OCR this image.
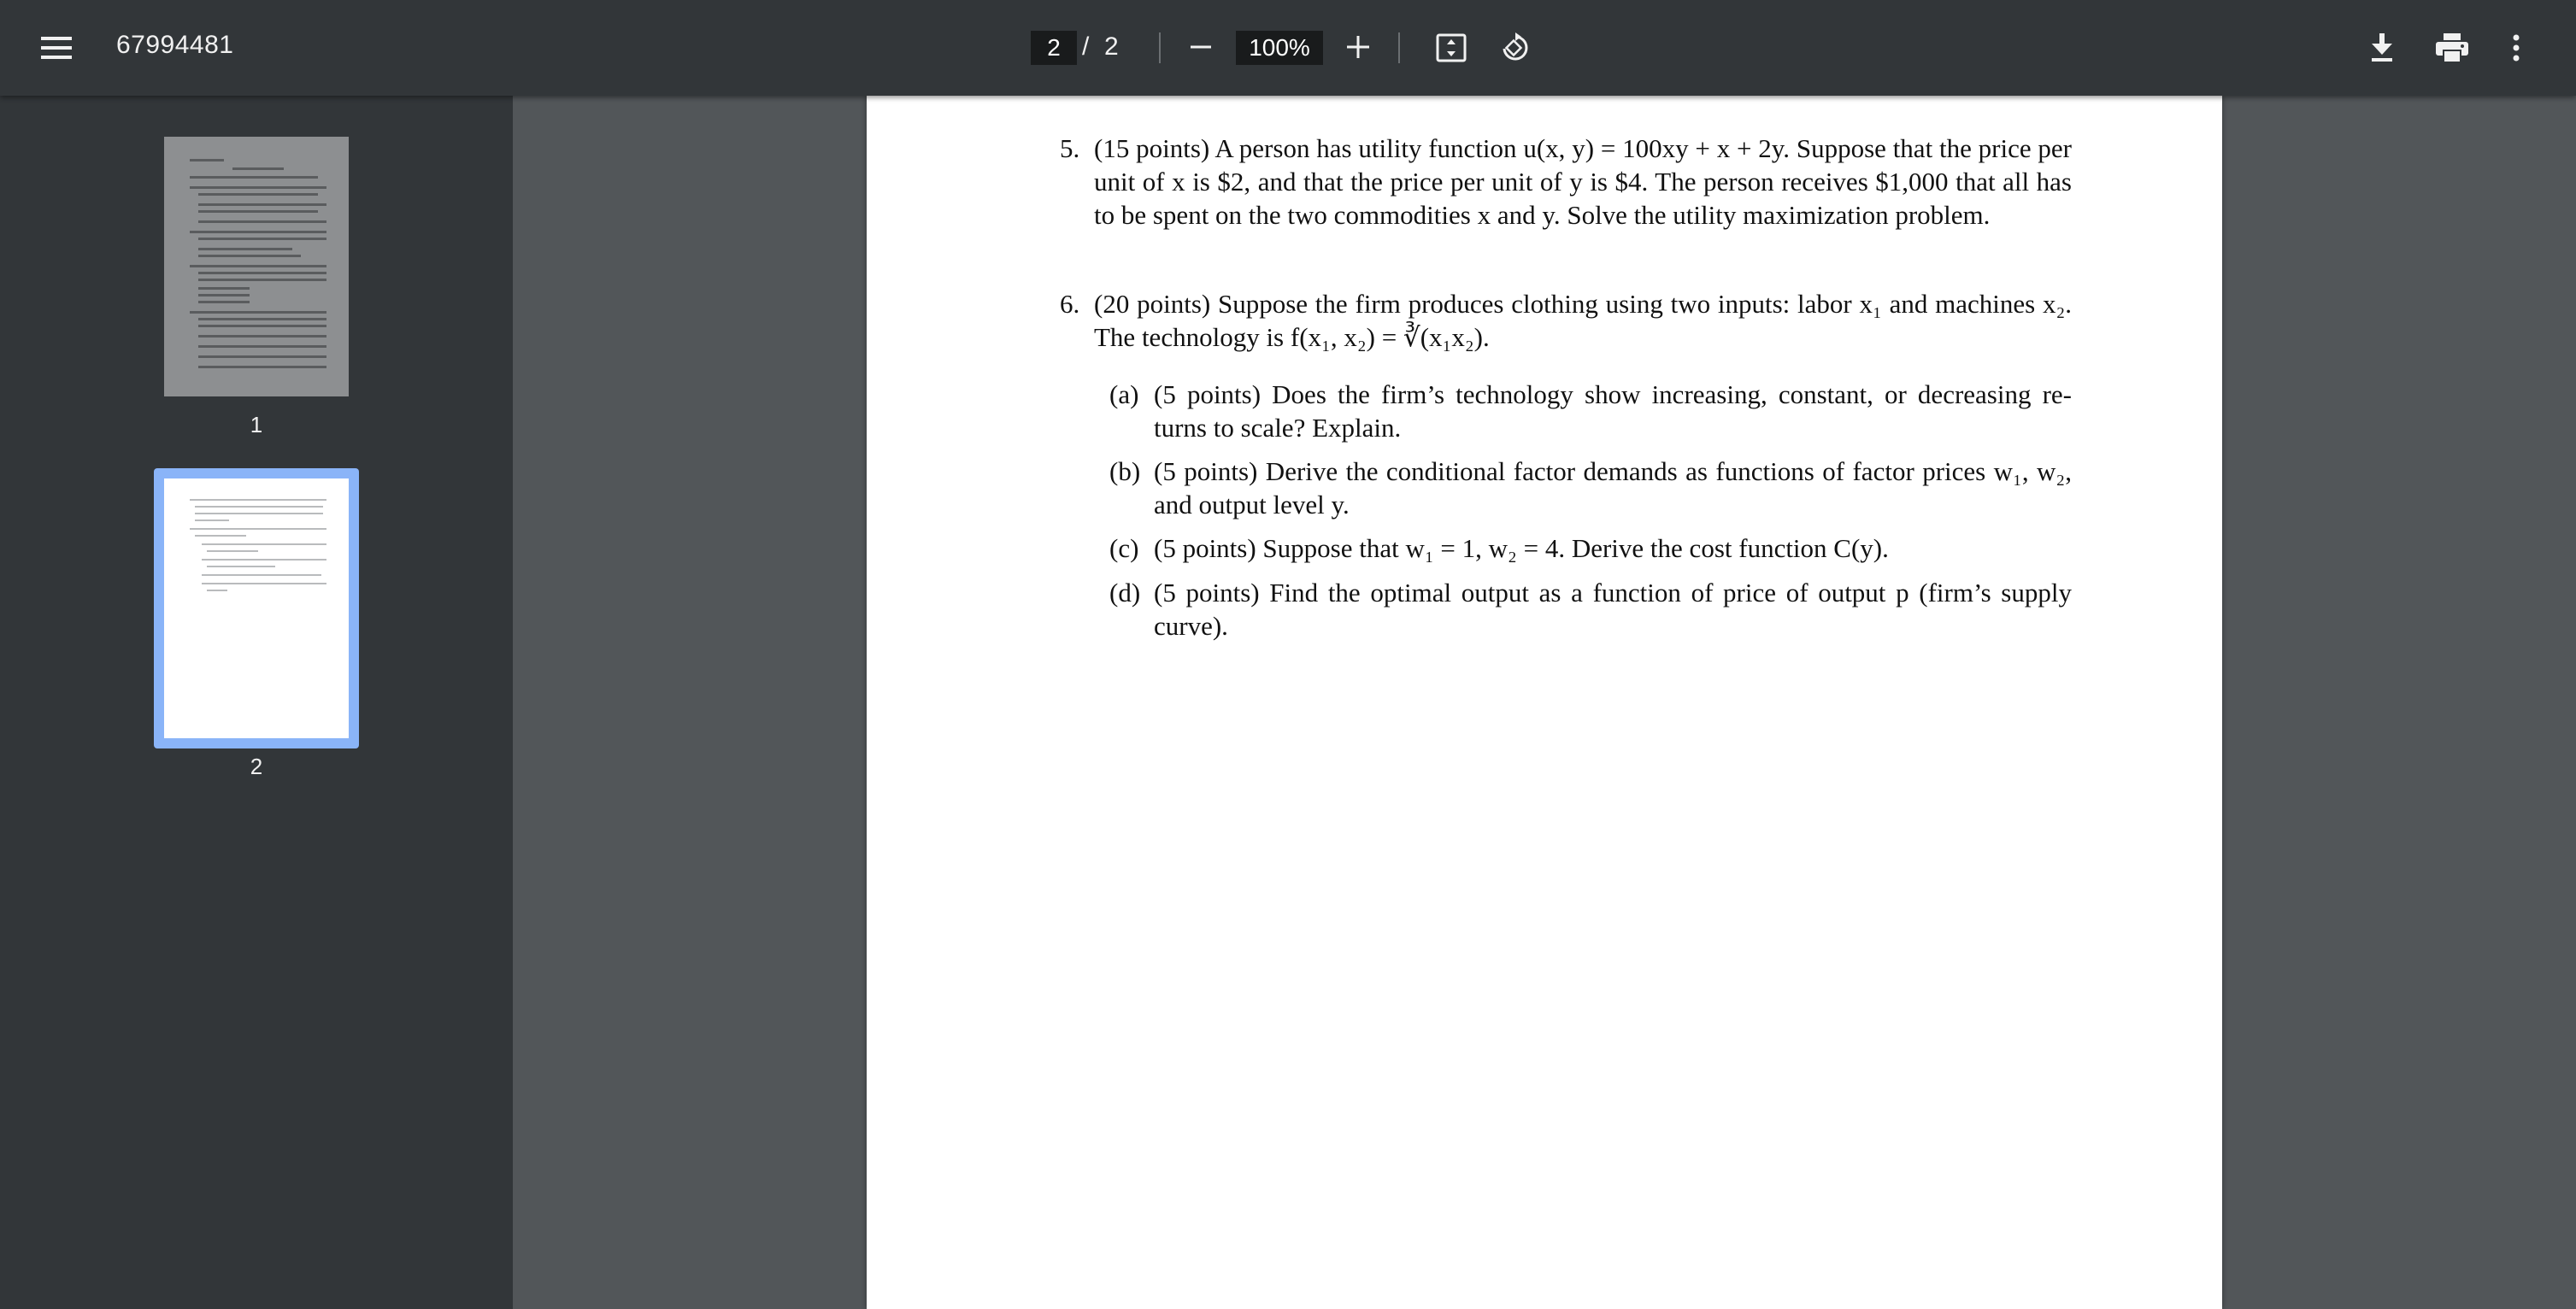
67994481
2	/ 2	100%
1
2
5. (15 points) A person has utility function u(x, y) = 100xy + x + 2y. Suppose that the price per unit of x is $2, and that the price per unit of y is $4. The person receives $1,000 that all has to be spent on the two commodities x and y. Solve the utility maximization problem.
6. (20 points) Suppose the firm produces clothing using two inputs: labor x₁ and machines x₂. The technology is f(x₁, x₂) = ∛(x₁x₂).
(a) (5 points) Does the firm’s technology show increasing, constant, or decreasing re-turns to scale? Explain.
(b) (5 points) Derive the conditional factor demands as functions of factor prices w₁, w₂, and output level y.
(c) (5 points) Suppose that w₁ = 1, w₂ = 4. Derive the cost function C(y).
(d) (5 points) Find the optimal output as a function of price of output p (firm’s supply curve).
